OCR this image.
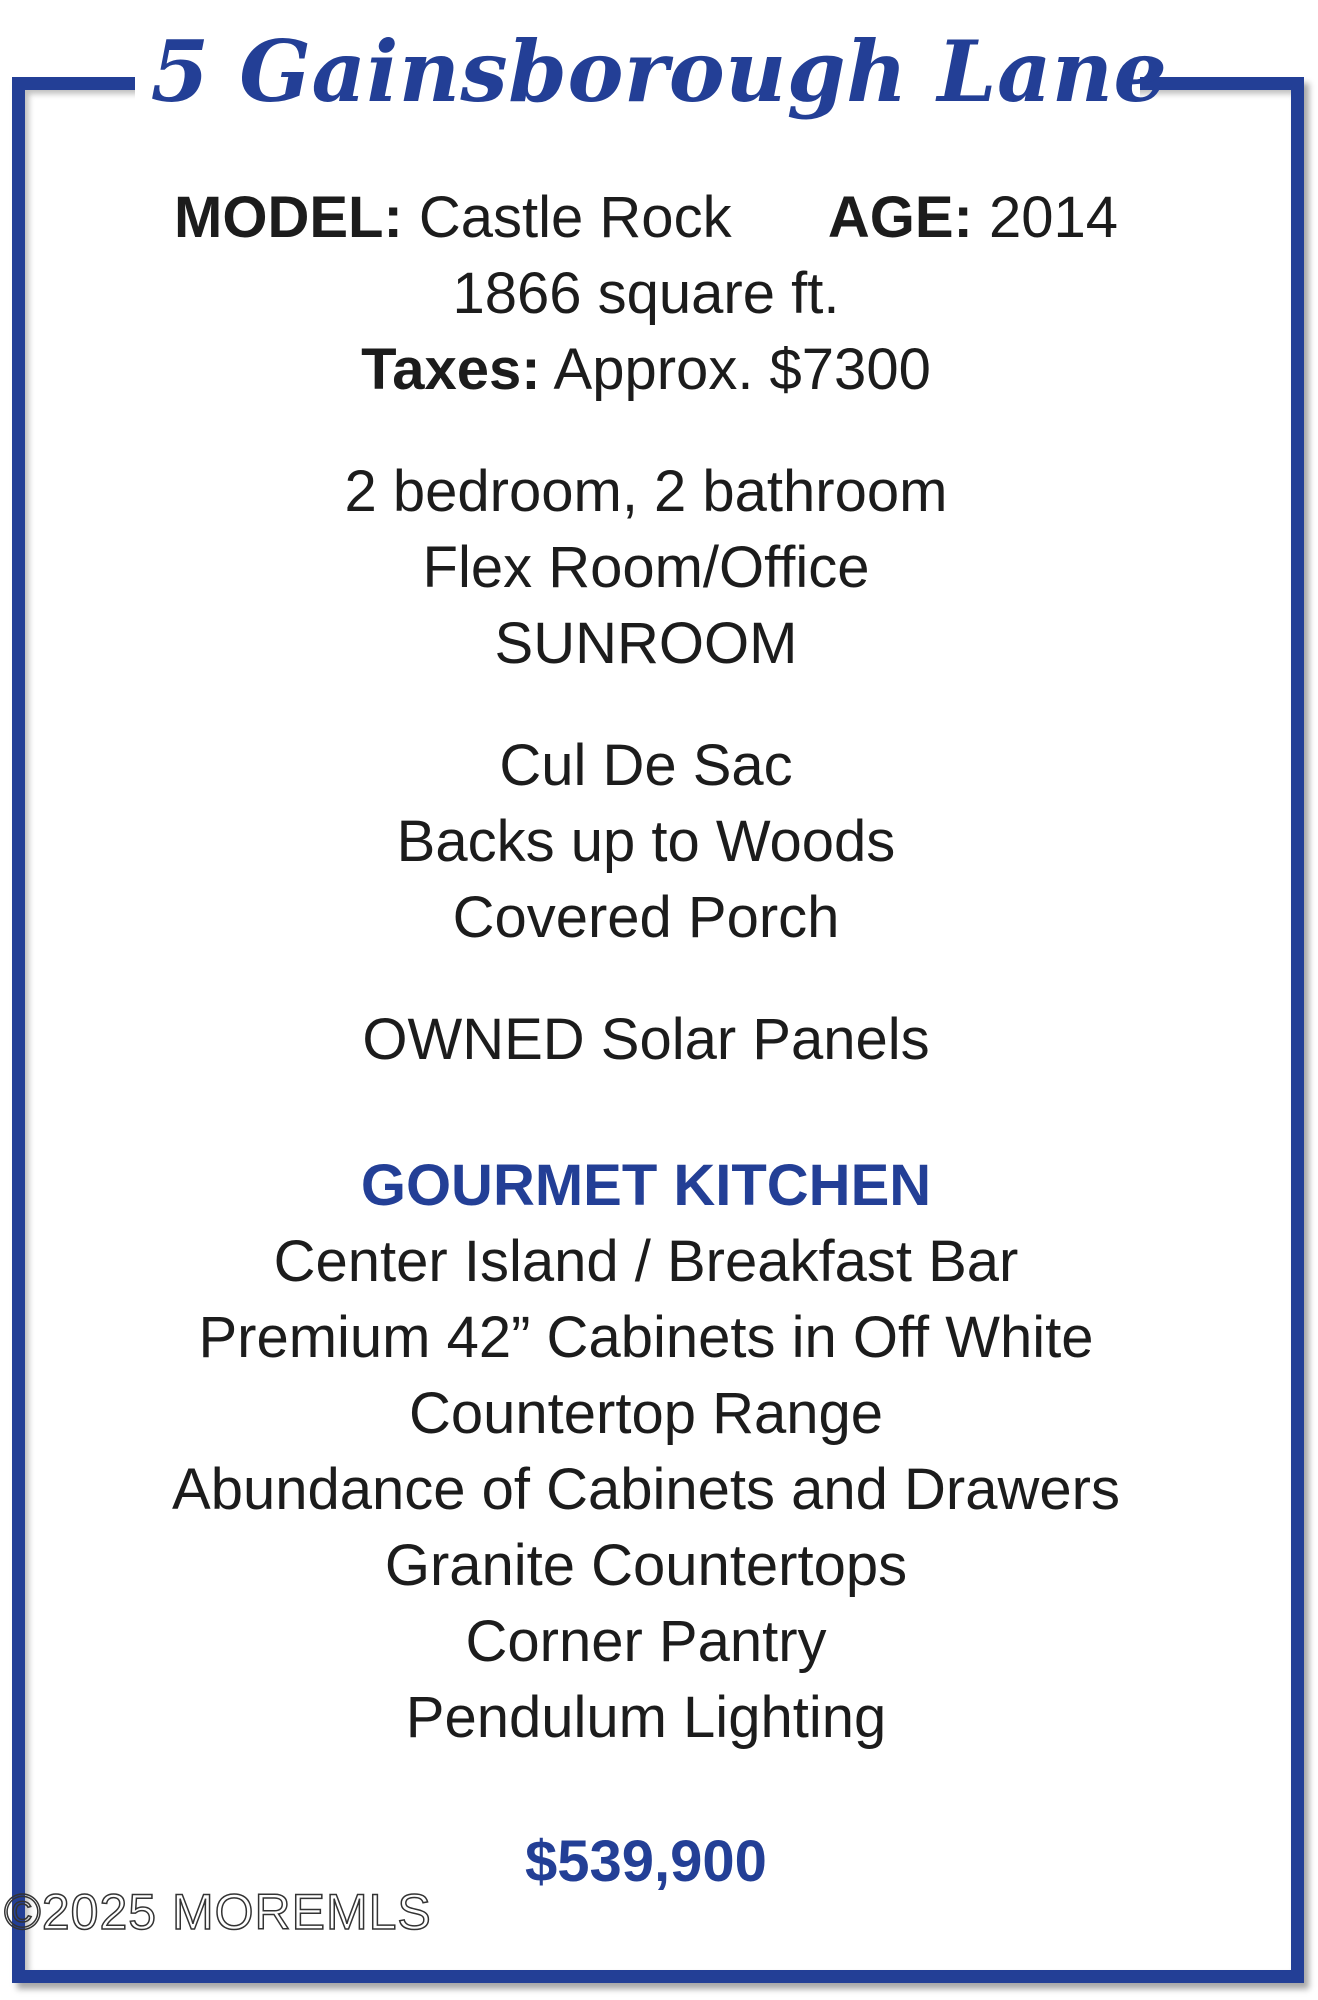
5 Gainsborough Lane
MODEL: Castle Rock AGE: 2014
1866 square ft.
Taxes: Approx. $7300
2 bedroom, 2 bathroom
Flex Room/Office
SUNROOM
Cul De Sac
Backs up to Woods
Covered Porch
OWNED Solar Panels
GOURMET KITCHEN
Center Island / Breakfast Bar
Premium 42” Cabinets in Off White
Countertop Range
Abundance of Cabinets and Drawers
Granite Countertops
Corner Pantry
Pendulum Lighting
$539,900
©2025 MOREMLS
